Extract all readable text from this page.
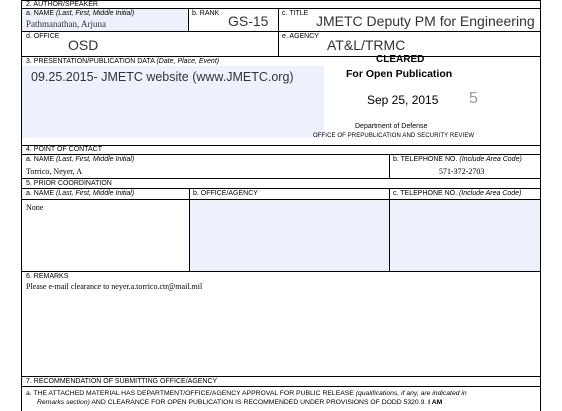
2. AUTHOR/SPEAKER
a. NAME (Last, First, Middle Initial)
Pathmanathan, Arjuna
b. RANK GS-15 c. TITLE JMETC Deputy PM for Engineering
d. OFFICE
OSD
e. AGENCY
AT&L/TRMC
3. PRESENTATION/PUBLICATION DATA (Date, Place, Event)
09.25.2015- JMETC website (www.JMETC.org)
CLEARED
For Open Publication
Sep 25, 2015 5
Department of Defense
OFFICE OF PREPUBLICATION AND SECURITY REVIEW
4. POINT OF CONTACT
a. NAME (Last, First, Middle Initial)
Torrico, Neyer, A
b. TELEPHONE NO. (Include Area Code)
571-372-2703
5. PRIOR COORDINATION
a. NAME (Last, First, Middle Initial)	b. OFFICE/AGENCY	c. TELEPHONE NO. (Include Area Code)
None
6. REMARKS
Please e-mail clearance to neyer.a.torrico.ctr@mail.mil
7. RECOMMENDATION OF SUBMITTING OFFICE/AGENCY
a. THE ATTACHED MATERIAL HAS DEPARTMENT/OFFICE/AGENCY APPROVAL FOR PUBLIC RELEASE (qualifications, if any, are indicated in
Remarks section) AND CLEARANCE FOR OPEN PUBLICATION IS RECOMMENDED UNDER PROVISIONS OF DODD 5320.9. I AM
